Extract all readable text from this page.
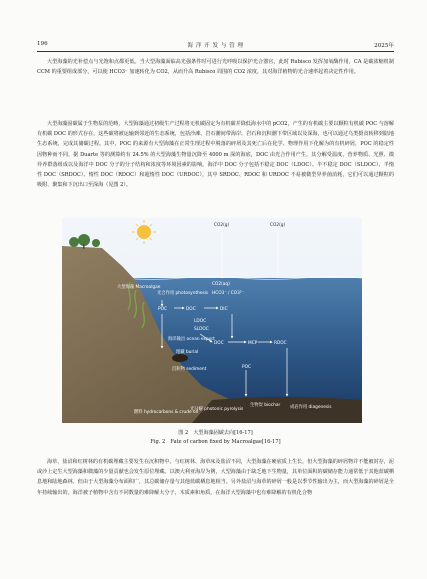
196	海 洋 开 发 与 管 理	2025年

大型海藻的光补偿点与光饱和点都更低。当大型海藻面临高光强条件时可进行光呼吸以保护光合器官，此时 Rubisco 发挥加氧酶作用，CA 是碳浓缩机制 CCM 的重要组成部分，可以使 HCO3⁻ 加速转化为 CO2，从而升高 Rubisco 周围的 CO2 浓度，其对海洋植物的光合速率起着决定性作用。

大型海藻固碳属于生物泵的范畴，大型海藻通过初级生产过程将无机碳固定为有机碳并降低海水中的 pCO2，产生的有机碳主要以颗粒有机碳 POC 与溶解有机碳 DOC 的形式存在，这些碳将被运输到邻近的生态系统，包括沙滩、岩石潮间带海岸、岩石和沉积潮下带区域以及深海，也可以通过乌类摄食转移到陆地生态系统，完成其储碳过程。其中，POC 的来源有大型海藻在正常生理过程中脱落的碎屑及其死亡后在化学、物理作用下化解为的有机碎屑，POC 的稳定性因物种而不同。据 Duarte 等的测算约有 24.5% 的大型海藻生物量沉降至 4000 m 深的海底，DOC 由光合作用产生，其分解受温度、营养物质、光照、微异养群落组成以及海洋中 DOC 分子的分子结构和浓度等环境因素的影响。海洋中 DOC 分子包括不稳定 DOC（LDOC）、半不稳定 DOC（SLDOC）、半惰性 DOC（SRDOC）、惰性 DOC（RDOC）和超惰性 DOC（URDOC），其中 SRDOC、RDOC 和 URDOC 不易被微型异养菌消耗，它们可以通过颗粒的吸附、聚集和下沉出口至深海（见图 2）。

CO2(g)	CO2(g)
CO2(aq)
HCO3⁻ / CO3²⁻
大型海藻 Macroalgae
光合作用 photosynthesis
POC	DOC	DIC
LDOC
SLDOC
海洋输出 ocean export
DOC	MCP	RDOC
POC
埋藏 burial
沉积物 sediment
光分解 photonic pyrolysis
生物炭 biochar 成岩作用 diagenesis
燃料 hydrocarbons & crude oil
图 2　大型海藻固碳去向[16-17]
Fig. 2　Fate of carbon fixed by Macroalgae[16-17]

海草、盐沼和红树林的有机碳埋藏主要发生在沉积物中。与红树林、海草床及盐沼不同，大型海藻在硬底质上生长，但大型海藻的碎屑物并不能被封存，泥或沙上定生大型海藻和微藻的少量贡献也会发生原位埋藏。以澳大利亚海岸为例，大型海藻由于缺乏地下生物量，其单位面积的碳储存能力通常低于其他蓝碳栖息地和陆地森林，但由于大型海藻分布面积广，其总碳储存量与其他蓝碳栖息地相当。另外盐沼与海草的碎屑一般是以季节性输出为主，而大型海藻的碎屑是全年持续输出的。海洋被子植物中含有不同数量的难降解大分子，木质素和角质，在海洋大型海藻中也有难降解的有机化合物
